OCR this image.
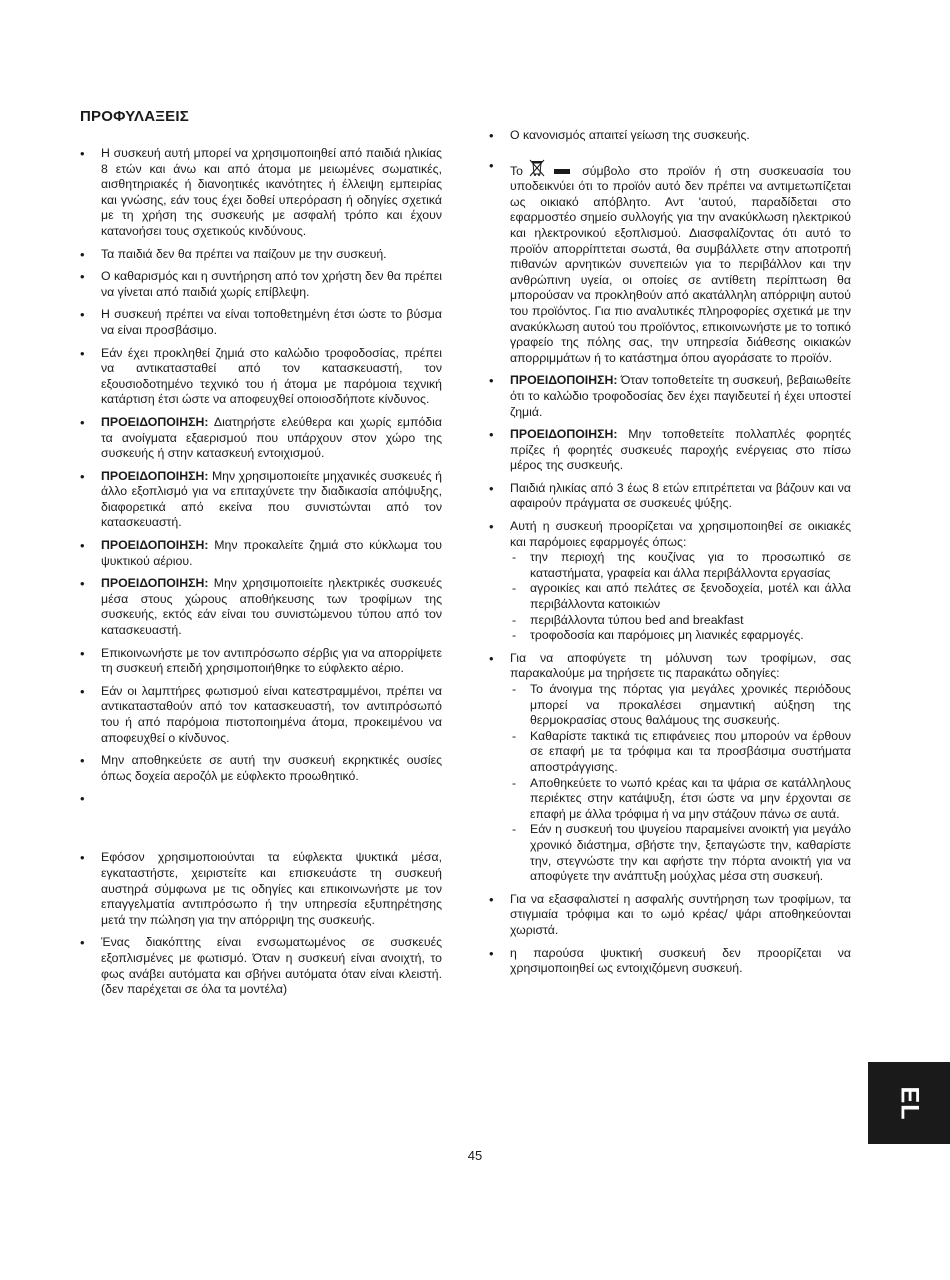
ΠΡΟΦΥΛΑΞΕΙΣ
• Η συσκευή αυτή μπορεί να χρησιμοποιηθεί από παιδιά ηλικίας 8 ετών και άνω και από άτομα με μειωμένες σωματικές, αισθητηριακές ή διανοητικές ικανότητες ή έλλειψη εμπειρίας και γνώσης, εάν τους έχει δοθεί υπερόραση ή οδηγίες σχετικά με τη χρήση της συσκευής με ασφαλή τρόπο και έχουν κατανοήσει τους σχετικούς κινδύνους.
• Τα παιδιά δεν θα πρέπει να παίζουν με την συσκευή.
• Ο καθαρισμός και η συντήρηση από τον χρήστη δεν θα πρέπει να γίνεται από παιδιά χωρίς επίβλεψη.
• Η συσκευή πρέπει να είναι τοποθετημένη έτσι ώστε το βύσμα να είναι προσβάσιμο.
• Εάν έχει προκληθεί ζημιά στο καλώδιο τροφοδοσίας, πρέπει να αντικατασταθεί από τον κατασκευαστή, τον εξουσιοδοτημένο τεχνικό του ή άτομα με παρόμοια τεχνική κατάρτιση έτσι ώστε να αποφευχθεί οποιοσδήποτε κίνδυνος.
• ΠΡΟΕΙΔΟΠΟΙΗΣΗ: Διατηρήστε ελεύθερα και χωρίς εμπόδια τα ανοίγματα εξαερισμού που υπάρχουν στον χώρο της συσκευής ή στην κατασκευή εντοιχισμού.
• ΠΡΟΕΙΔΟΠΟΙΗΣΗ: Μην χρησιμοποιείτε μηχανικές συσκευές ή άλλο εξοπλισμό για να επιταχύνετε την διαδικασία απόψυξης, διαφορετικά από εκείνα που συνιστώνται από τον κατασκευαστή.
• ΠΡΟΕΙΔΟΠΟΙΗΣΗ: Μην προκαλείτε ζημιά στο κύκλωμα του ψυκτικού αέριου.
• ΠΡΟΕΙΔΟΠΟΙΗΣΗ: Μην χρησιμοποιείτε ηλεκτρικές συσκευές μέσα στους χώρους αποθήκευσης των τροφίμων της συσκευής, εκτός εάν είναι του συνιστώμενου τύπου από τον κατασκευαστή.
• Επικοινωνήστε με τον αντιπρόσωπο σέρβις για να απορρίψετε τη συσκευή επειδή χρησιμοποιήθηκε το εύφλεκτο αέριο.
• Εάν οι λαμπτήρες φωτισμού είναι κατεστραμμένοι, πρέπει να αντικατασταθούν από τον κατασκευαστή, τον αντιπρόσωπό του ή από παρόμοια πιστοποιημένα άτομα, προκειμένου να αποφευχθεί ο κίνδυνος.
• Μην αποθηκεύετε σε αυτή την συσκευή εκρηκτικές ουσίες όπως δοχεία αεροζόλ με εύφλεκτο προωθητικό.
•
• Εφόσον χρησιμοποιούνται τα εύφλεκτα ψυκτικά μέσα, εγκαταστήστε, χειριστείτε και επισκευάστε τη συσκευή αυστηρά σύμφωνα με τις οδηγίες και επικοινωνήστε με τον επαγγελματία αντιπρόσωπο ή την υπηρεσία εξυπηρέτησης μετά την πώληση για την απόρριψη της συσκευής.
• Ένας διακόπτης είναι ενσωματωμένος σε συσκευές εξοπλισμένες με φωτισμό. Όταν η συσκευή είναι ανοιχτή, το φως ανάβει αυτόματα και σβήνει αυτόματα όταν είναι κλειστή.(δεν παρέχεται σε όλα τα μοντέλα)
• Ο κανονισμός απαιτεί γείωση της συσκευής.
• Το	σύμβολο στο προϊόν ή στη συσκευασία του υποδεικνύει ότι το προϊόν αυτό δεν πρέπει να αντιμετωπίζεται ως οικιακό απόβλητο. Αντ 'αυτού, παραδίδεται στο εφαρμοστέο σημείο συλλογής για την ανακύκλωση ηλεκτρικού και ηλεκτρονικού εξοπλισμού. Διασφαλίζοντας ότι αυτό το προϊόν απορρίπτεται σωστά, θα συμβάλλετε στην αποτροπή πιθανών αρνητικών συνεπειών για το περιβάλλον και την ανθρώπινη υγεία, οι οποίες σε αντίθετη περίπτωση θα μπορούσαν να προκληθούν από ακατάλληλη απόρριψη αυτού του προϊόντος. Για πιο αναλυτικές πληροφορίες σχετικά με την ανακύκλωση αυτού του προϊόντος, επικοινωνήστε με το τοπικό γραφείο της πόλης σας, την υπηρεσία διάθεσης οικιακών απορριμμάτων ή το κατάστημα όπου αγοράσατε το προϊόν.
• ΠΡΟΕΙΔΟΠΟΙΗΣΗ: Όταν τοποθετείτε τη συσκευή, βεβαιωθείτε ότι το καλώδιο τροφοδοσίας δεν έχει παγιδευτεί ή έχει υποστεί ζημιά.
• ΠΡΟΕΙΔΟΠΟΙΗΣΗ: Μην τοποθετείτε πολλαπλές φορητές πρίζες ή φορητές συσκευές παροχής ενέργειας στο πίσω μέρος της συσκευής.
• Παιδιά ηλικίας από 3 έως 8 ετών επιτρέπεται να βάζουν και να αφαιρούν πράγματα σε συσκευές ψύξης.
• Αυτή η συσκευή προορίζεται να χρησιμοποιηθεί σε οικιακές και παρόμοιες εφαρμογές όπως:
- την περιοχή της κουζίνας για το προσωπικό σε καταστήματα, γραφεία και άλλα περιβάλλοντα εργασίας
- αγροικίες και από πελάτες σε ξενοδοχεία, μοτέλ και άλλα περιβάλλοντα κατοικιών
- περιβάλλοντα τύπου bed and breakfast
- τροφοδοσία και παρόμοιες μη λιανικές εφαρμογές.
• Για να αποφύγετε τη μόλυνση των τροφίμων, σας παρακαλούμε μα τηρήσετε τις παρακάτω οδηγίες:
- Το άνοιγμα της πόρτας για μεγάλες χρονικές περιόδους μπορεί να προκαλέσει σημαντική αύξηση της θερμοκρασίας στους θαλάμους της συσκευής.
- Καθαρίστε τακτικά τις επιφάνειες που μπορούν να έρθουν σε επαφή με τα τρόφιμα και τα προσβάσιμα συστήματα αποστράγγισης.
- Αποθηκεύετε το νωπό κρέας και τα ψάρια σε κατάλληλους περιέκτες στην κατάψυξη, έτσι ώστε να μην έρχονται σε επαφή με άλλα τρόφιμα ή να μην στάζουν πάνω σε αυτά.
- Εάν η συσκευή του ψυγείου παραμείνει ανοικτή για μεγάλο χρονικό διάστημα, σβήστε την, ξεπαγώστε την, καθαρίστε την, στεγνώστε την και αφήστε την πόρτα ανοικτή για να αποφύγετε την ανάπτυξη μούχλας μέσα στη συσκευή.
• Για να εξασφαλιστεί η ασφαλής συντήρηση των τροφίμων, τα στιγμιαία τρόφιμα και το ωμό κρέας/ ψάρι αποθηκεύονται χωριστά.
• η παρούσα ψυκτική συσκευή δεν προορίζεται να χρησιμοποιηθεί ως εντοιχιζόμενη συσκευή.
EL
45
